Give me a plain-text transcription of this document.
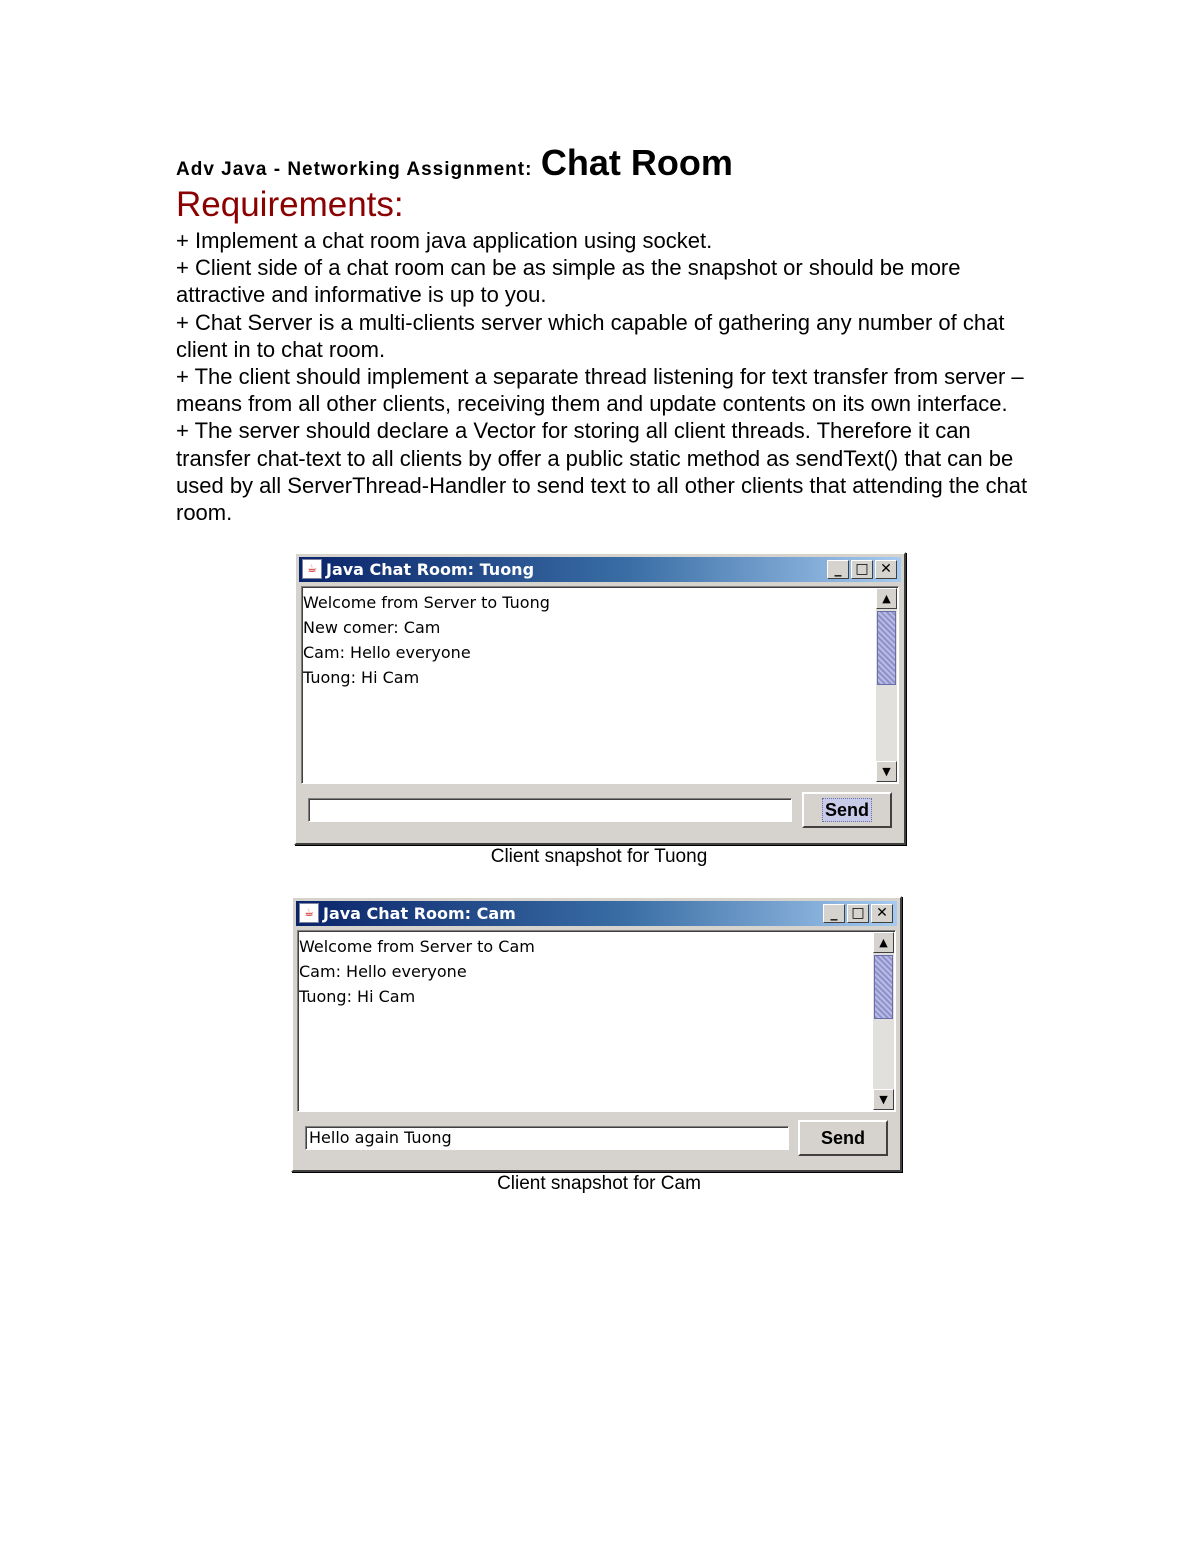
Adv Java - Networking Assignment: Chat Room
Requirements:
+ Implement a chat room java application using socket.
+ Client side of a chat room can be as simple as the snapshot or should be more attractive and informative is up to you.
+ Chat Server is a multi-clients server which capable of gathering any number of chat client in to chat room.
+ The client should implement a separate thread listening for text transfer from server –means from all other clients, receiving them and update contents on its own interface.
+ The server should declare a Vector for storing all client threads. Therefore it can transfer chat-text to all clients by offer a public static method as sendText() that can be used by all ServerThread-Handler to send text to all other clients that attending the chat room.
☕ Java Chat Room: Tuong	_ □ ✕
Welcome from Server to Tuong
New comer: Cam
Cam: Hello everyone
Tuong: Hi Cam
▲
▼
Send
Client snapshot for Tuong
☕ Java Chat Room: Cam	_ □ ✕
Welcome from Server to Cam
Cam: Hello everyone
Tuong: Hi Cam
▲
▼
Hello again Tuong	Send
Client snapshot for Cam
